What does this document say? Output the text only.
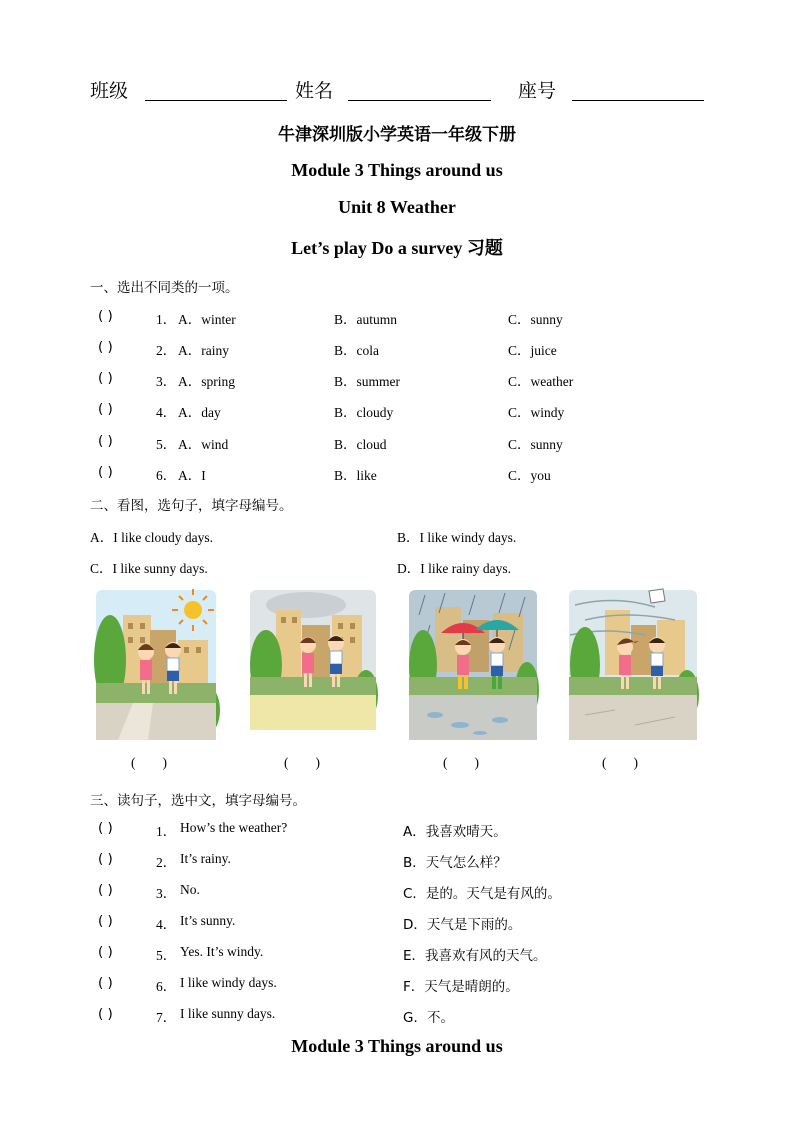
班级	姓名	座号
牛津深圳版小学英语一年级下册
Module 3 Things around us
Unit 8 Weather
Let’s play Do a survey 习题
一、选出不同类的一项。
( )	1． A．winter	B．autumn	C．sunny
( )	2． A．rainy	B．cola	C．juice
( )	3． A．spring	B．summer	C．weather
( )	4． A．day	B．cloudy	C．windy
( )	5． A．wind	B．cloud	C．sunny
( )	6． A．I	B．like	C．you
二、看图，选句子，填字母编号。
A．I like cloudy days.	B．I like windy days.
C．I like sunny days.	D．I like rainy days.
(        )	(        )	(        )	(        )
三、读句子，选中文，填字母编号。
( )	1． How’s the weather?	A．我喜欢晴天。
( )	2． It’s rainy.	B．天气怎么样？
( )	3． No.	C．是的。天气是有风的。
( )	4． It’s sunny.	D．天气是下雨的。
( )	5． Yes. It’s windy.	E．我喜欢有风的天气。
( )	6． I like windy days.	F．天气是晴朗的。
( )	7． I like sunny days.	G．不。
Module 3 Things around us
